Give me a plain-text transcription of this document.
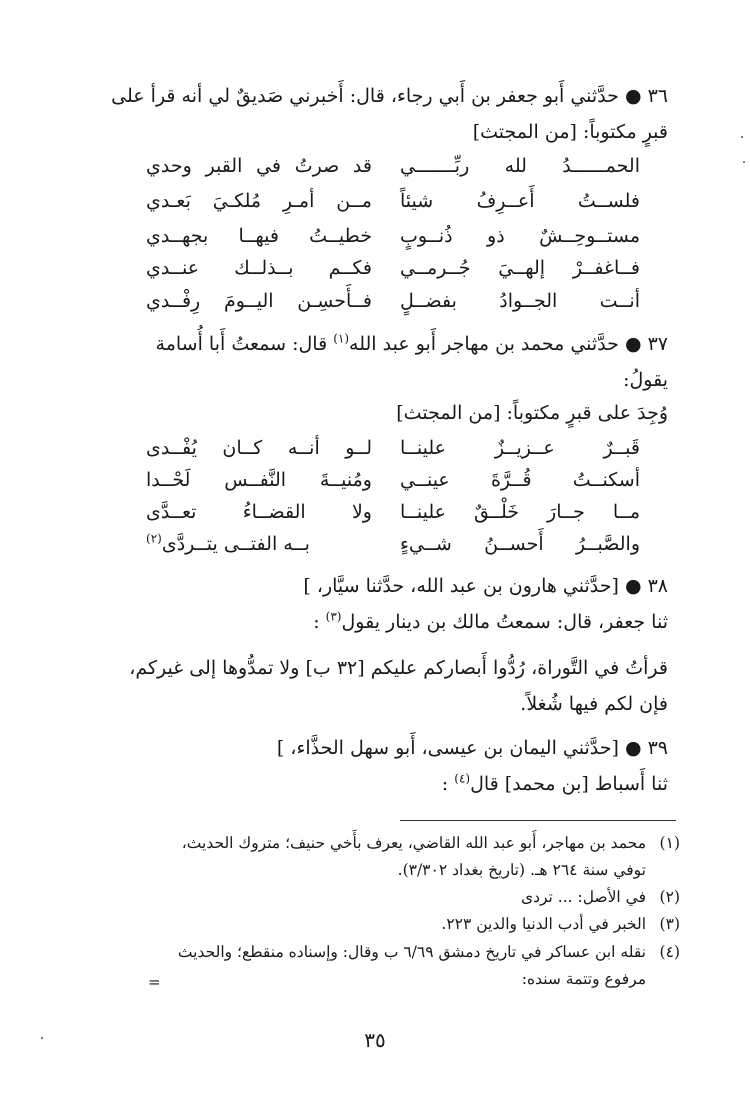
٣٦ ● حدَّثني أَبو جعفر بن أَبي رجاء، قال: أَخبرني صَديقٌ لي أنه قرأ على
قبرٍ مكتوباً: [من المجتث]
الحمــــــدُ لله ربِّـــــــي
قد صرتُ في القبر وحدي
فلســتُ أَعــرِفُ شيئاً
مــن أمـرِ مُلكـيَ بَعـدي
مستــوحِــشٌ ذو ذُنــوبٍ
خطيــتُ فيهــا بجهــدي
فــاغفــرْ إلهــيَ جُــرمــي
فكــم بــذلــك عنــدي
أنــت الجــوادُ بفضــلٍ
فــأَحسِـن اليــومَ رِفْــدي
٣٧ ● حدَّثني محمد بن مهاجر أَبو عبد الله$^{(١)}$ قال: سمعتُ أَبا أُسامة
يقولُ:
وُجِدَ على قبرٍ مكتوباً: [من المجتث]
قَبــرٌ عــزيــزٌ علينــا
لــو أنــه كــان يُفْــدى
أسكنــتُ قُــرَّةَ عينــي
ومُنيــةَ النَّفــس لَحْــدا
مــا جــارَ خَلْــقٌ علينــا
ولا القضــاءُ تعــدَّى
والصَّبــرُ أَحســنُ شــيءٍ
بــه الفتــى يتــردَّى$^{(٢)}$
٣٨ ● [حدَّثني هارون بن عبد الله، حدَّثنا سيَّار، ]
ثنا جعفر، قال: سمعتُ مالك بن دينار يقول$^{(٣)}$ :
قرأتُ في التَّوراة، رُدُّوا أَبصاركم عليكم [٣٢ ب] ولا تمدُّوها إلى غيركم،
فإن لكم فيها شُغلاً.
٣٩ ● [حدَّثني اليمان بن عيسى، أَبو سهل الحذَّاء، ]
ثنا أَسباط [بن محمد] قال$^{(٤)}$ :
(١)محمد بن مهاجر، أَبو عبد الله القاضي، يعرف بأَخي حنيف؛ متروك الحديث،
توفي سنة ٢٦٤ هـ. (تاريخ بغداد ٣/٣٠٢).
(٢)في الأصل: ... تردى
(٣)الخبر في أدب الدنيا والدين ٢٢٣.
(٤)نقله ابن عساكر في تاريخ دمشق ٦/٦٩ ب وقال: وإسناده منقطع؛ والحديث
مرفوع وتتمة سنده:
=
٣٥
